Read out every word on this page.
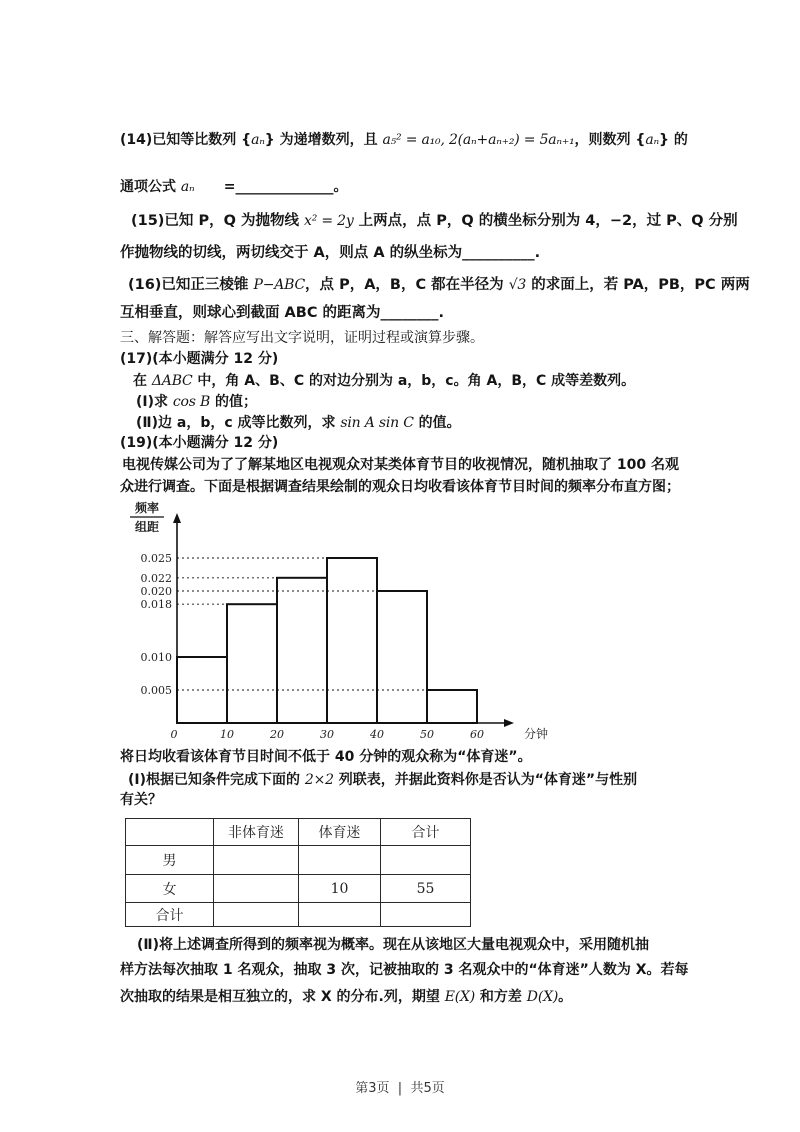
(14)已知等比数列 {aₙ} 为递增数列，且 a₅² = a₁₀, 2(aₙ+aₙ₊₂) = 5aₙ₊₁，则数列 {aₙ} 的
通项公式 aₙ      =______________。
(15)已知 P，Q 为抛物线 x² = 2y 上两点，点 P，Q 的横坐标分别为 4，−2，过 P、Q 分别
作抛物线的切线，两切线交于 A，则点 A 的纵坐标为__________.
(16)已知正三棱锥 P−ABC，点 P，A，B，C 都在半径为 √3 的求面上，若 PA，PB，PC 两两
互相垂直，则球心到截面 ABC 的距离为________.
三、解答题：解答应写出文字说明，证明过程或演算步骤。
(17)(本小题满分 12 分)
在 ΔABC 中，角 A、B、C 的对边分别为 a，b，c。角 A，B，C 成等差数列。
(Ⅰ)求 cos B 的值；
(Ⅱ)边 a，b，c 成等比数列，求 sin A sin C 的值。
(19)(本小题满分 12 分)
电视传媒公司为了了解某地区电视观众对某类体育节目的收视情况，随机抽取了 100 名观
众进行调查。下面是根据调查结果绘制的观众日均收看该体育节目时间的频率分布直方图；
0.025
0.022
0.020
0.018
0.010
0.005
0	10	20	30	40	50	60	分钟
频率
组距
将日均收看该体育节目时间不低于 40 分钟的观众称为“体育迷”。
(Ⅰ)根据已知条件完成下面的 2×2 列联表，并据此资料你是否认为“体育迷”与性别
有关？
	非体育迷	体育迷	合计
男			
女		10	55
合计			
(Ⅱ)将上述调查所得到的频率视为概率。现在从该地区大量电视观众中，采用随机抽
样方法每次抽取 1 名观众，抽取 3 次，记被抽取的 3 名观众中的“体育迷”人数为 X。若每
次抽取的结果是相互独立的，求 X 的分布.列，期望 E(X) 和方差 D(X)。
第3页  |  共5页
